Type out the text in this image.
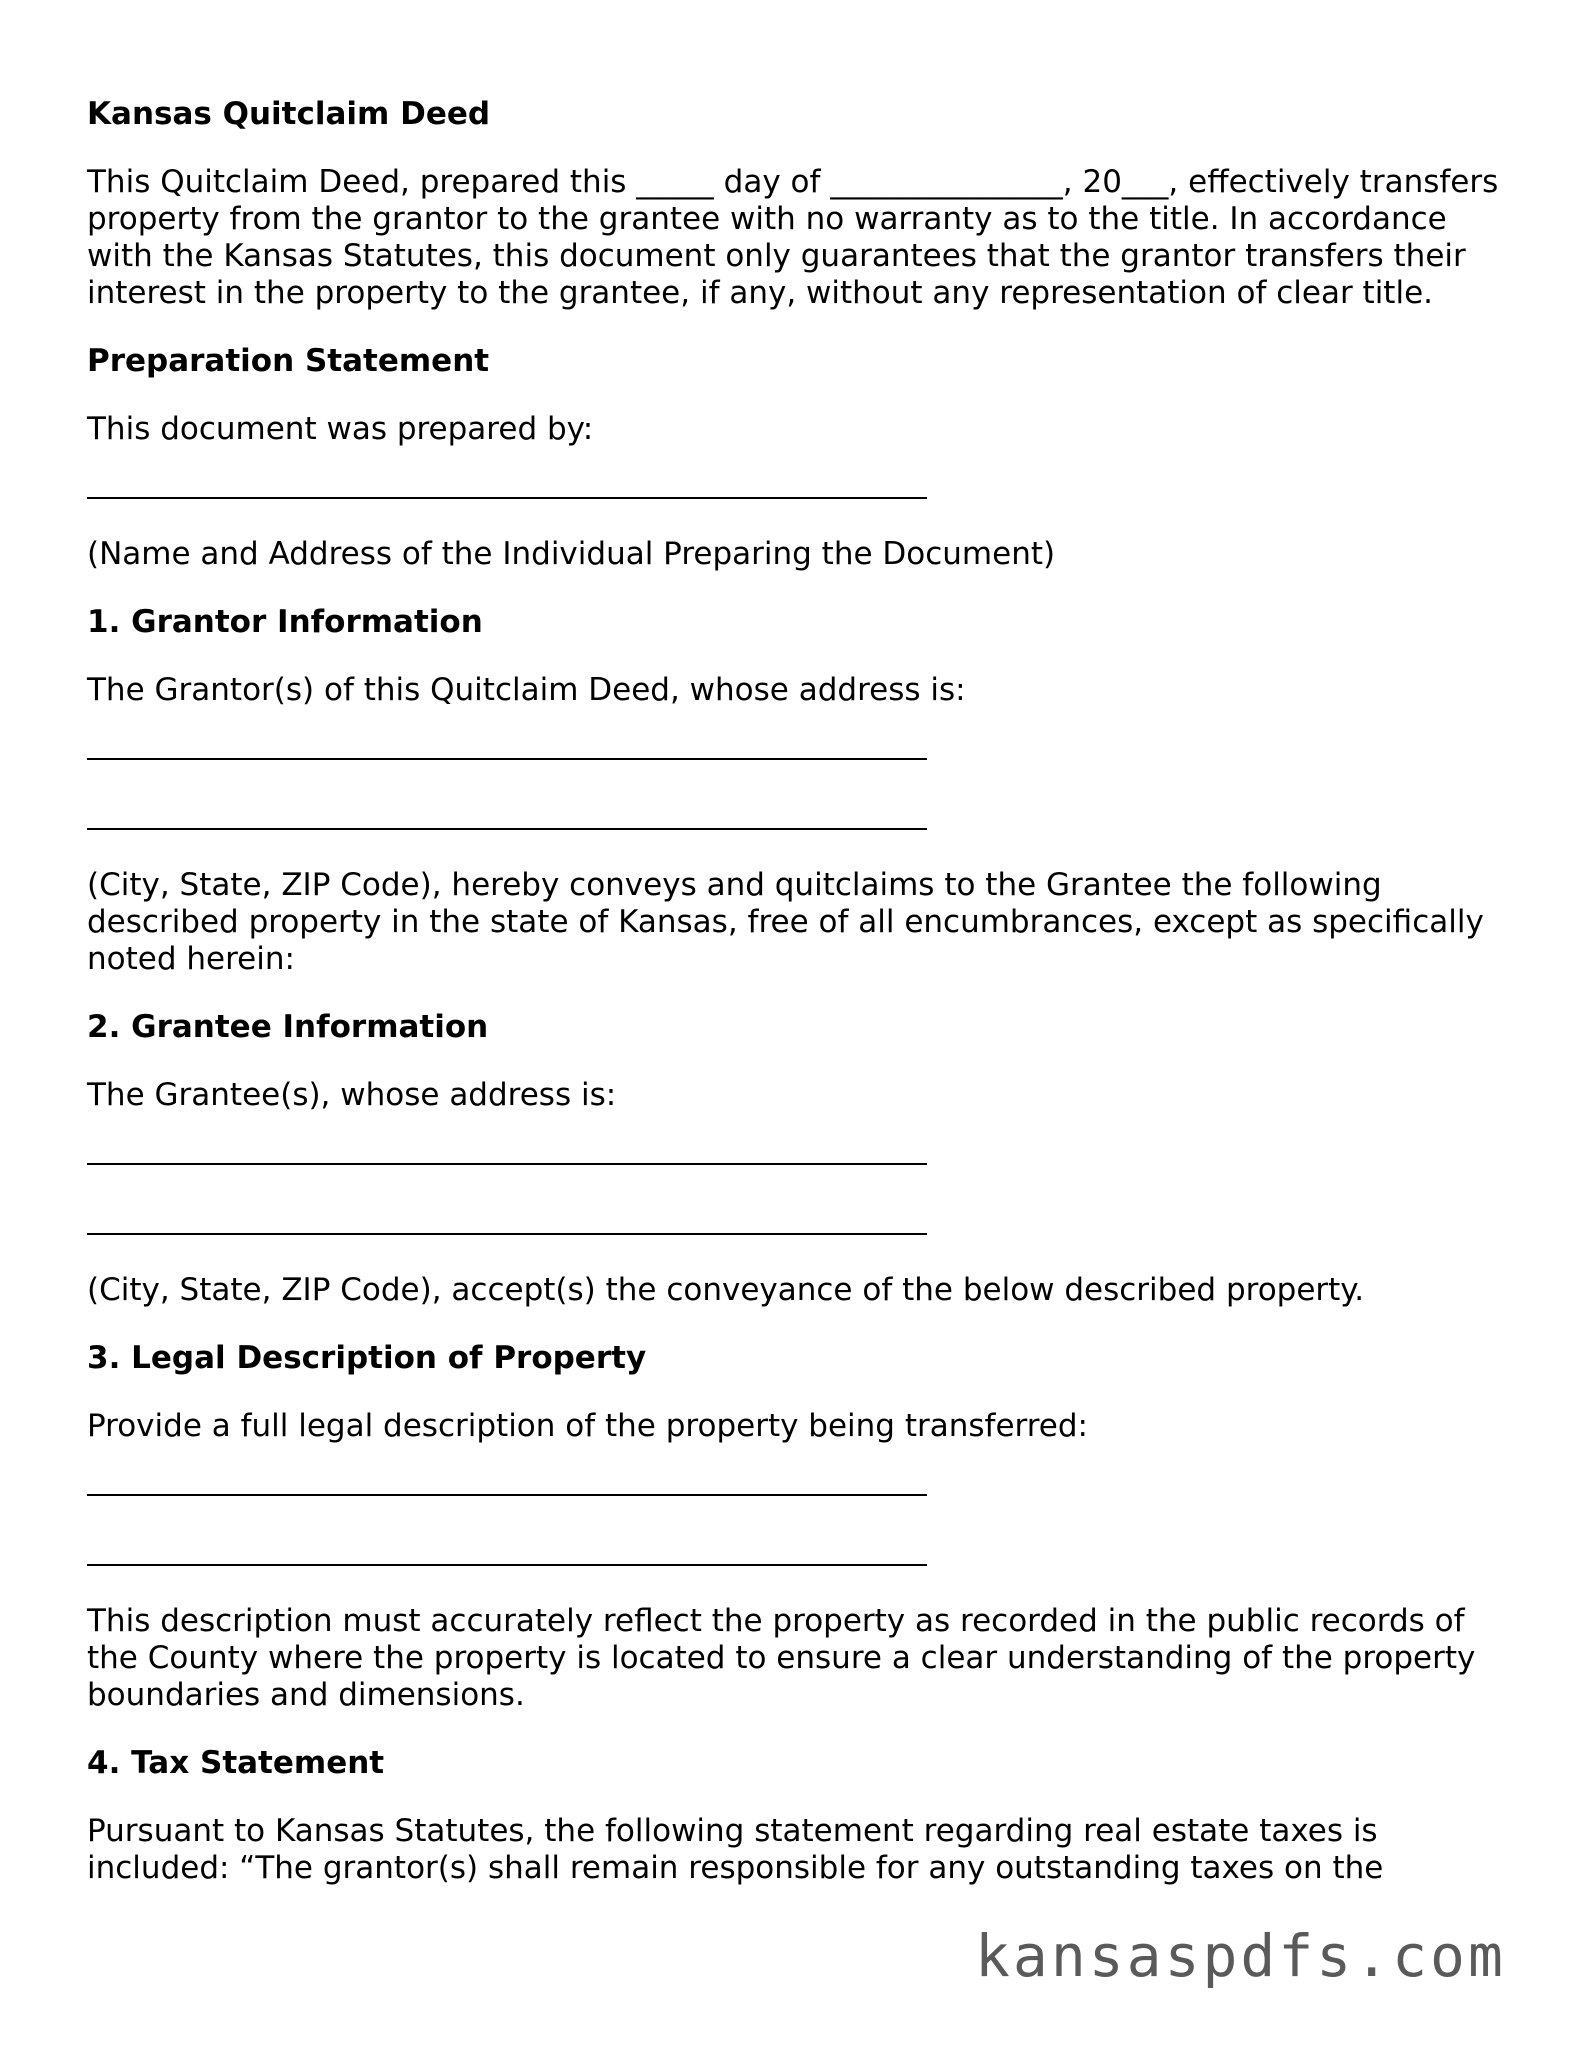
Kansas Quitclaim Deed

This Quitclaim Deed, prepared this _____ day of _______________, 20___, effectively transfers property from the grantor to the grantee with no warranty as to the title. In accordance with the Kansas Statutes, this document only guarantees that the grantor transfers their interest in the property to the grantee, if any, without any representation of clear title.

Preparation Statement

This document was prepared by:

(Name and Address of the Individual Preparing the Document)

1. Grantor Information

The Grantor(s) of this Quitclaim Deed, whose address is:

(City, State, ZIP Code), hereby conveys and quitclaims to the Grantee the following described property in the state of Kansas, free of all encumbrances, except as specifically noted herein:

2. Grantee Information

The Grantee(s), whose address is:

(City, State, ZIP Code), accept(s) the conveyance of the below described property.

3. Legal Description of Property

Provide a full legal description of the property being transferred:

This description must accurately reflect the property as recorded in the public records of the County where the property is located to ensure a clear understanding of the property boundaries and dimensions.

4. Tax Statement

Pursuant to Kansas Statutes, the following statement regarding real estate taxes is included: “The grantor(s) shall remain responsible for any outstanding taxes on the

kansaspdfs.com
